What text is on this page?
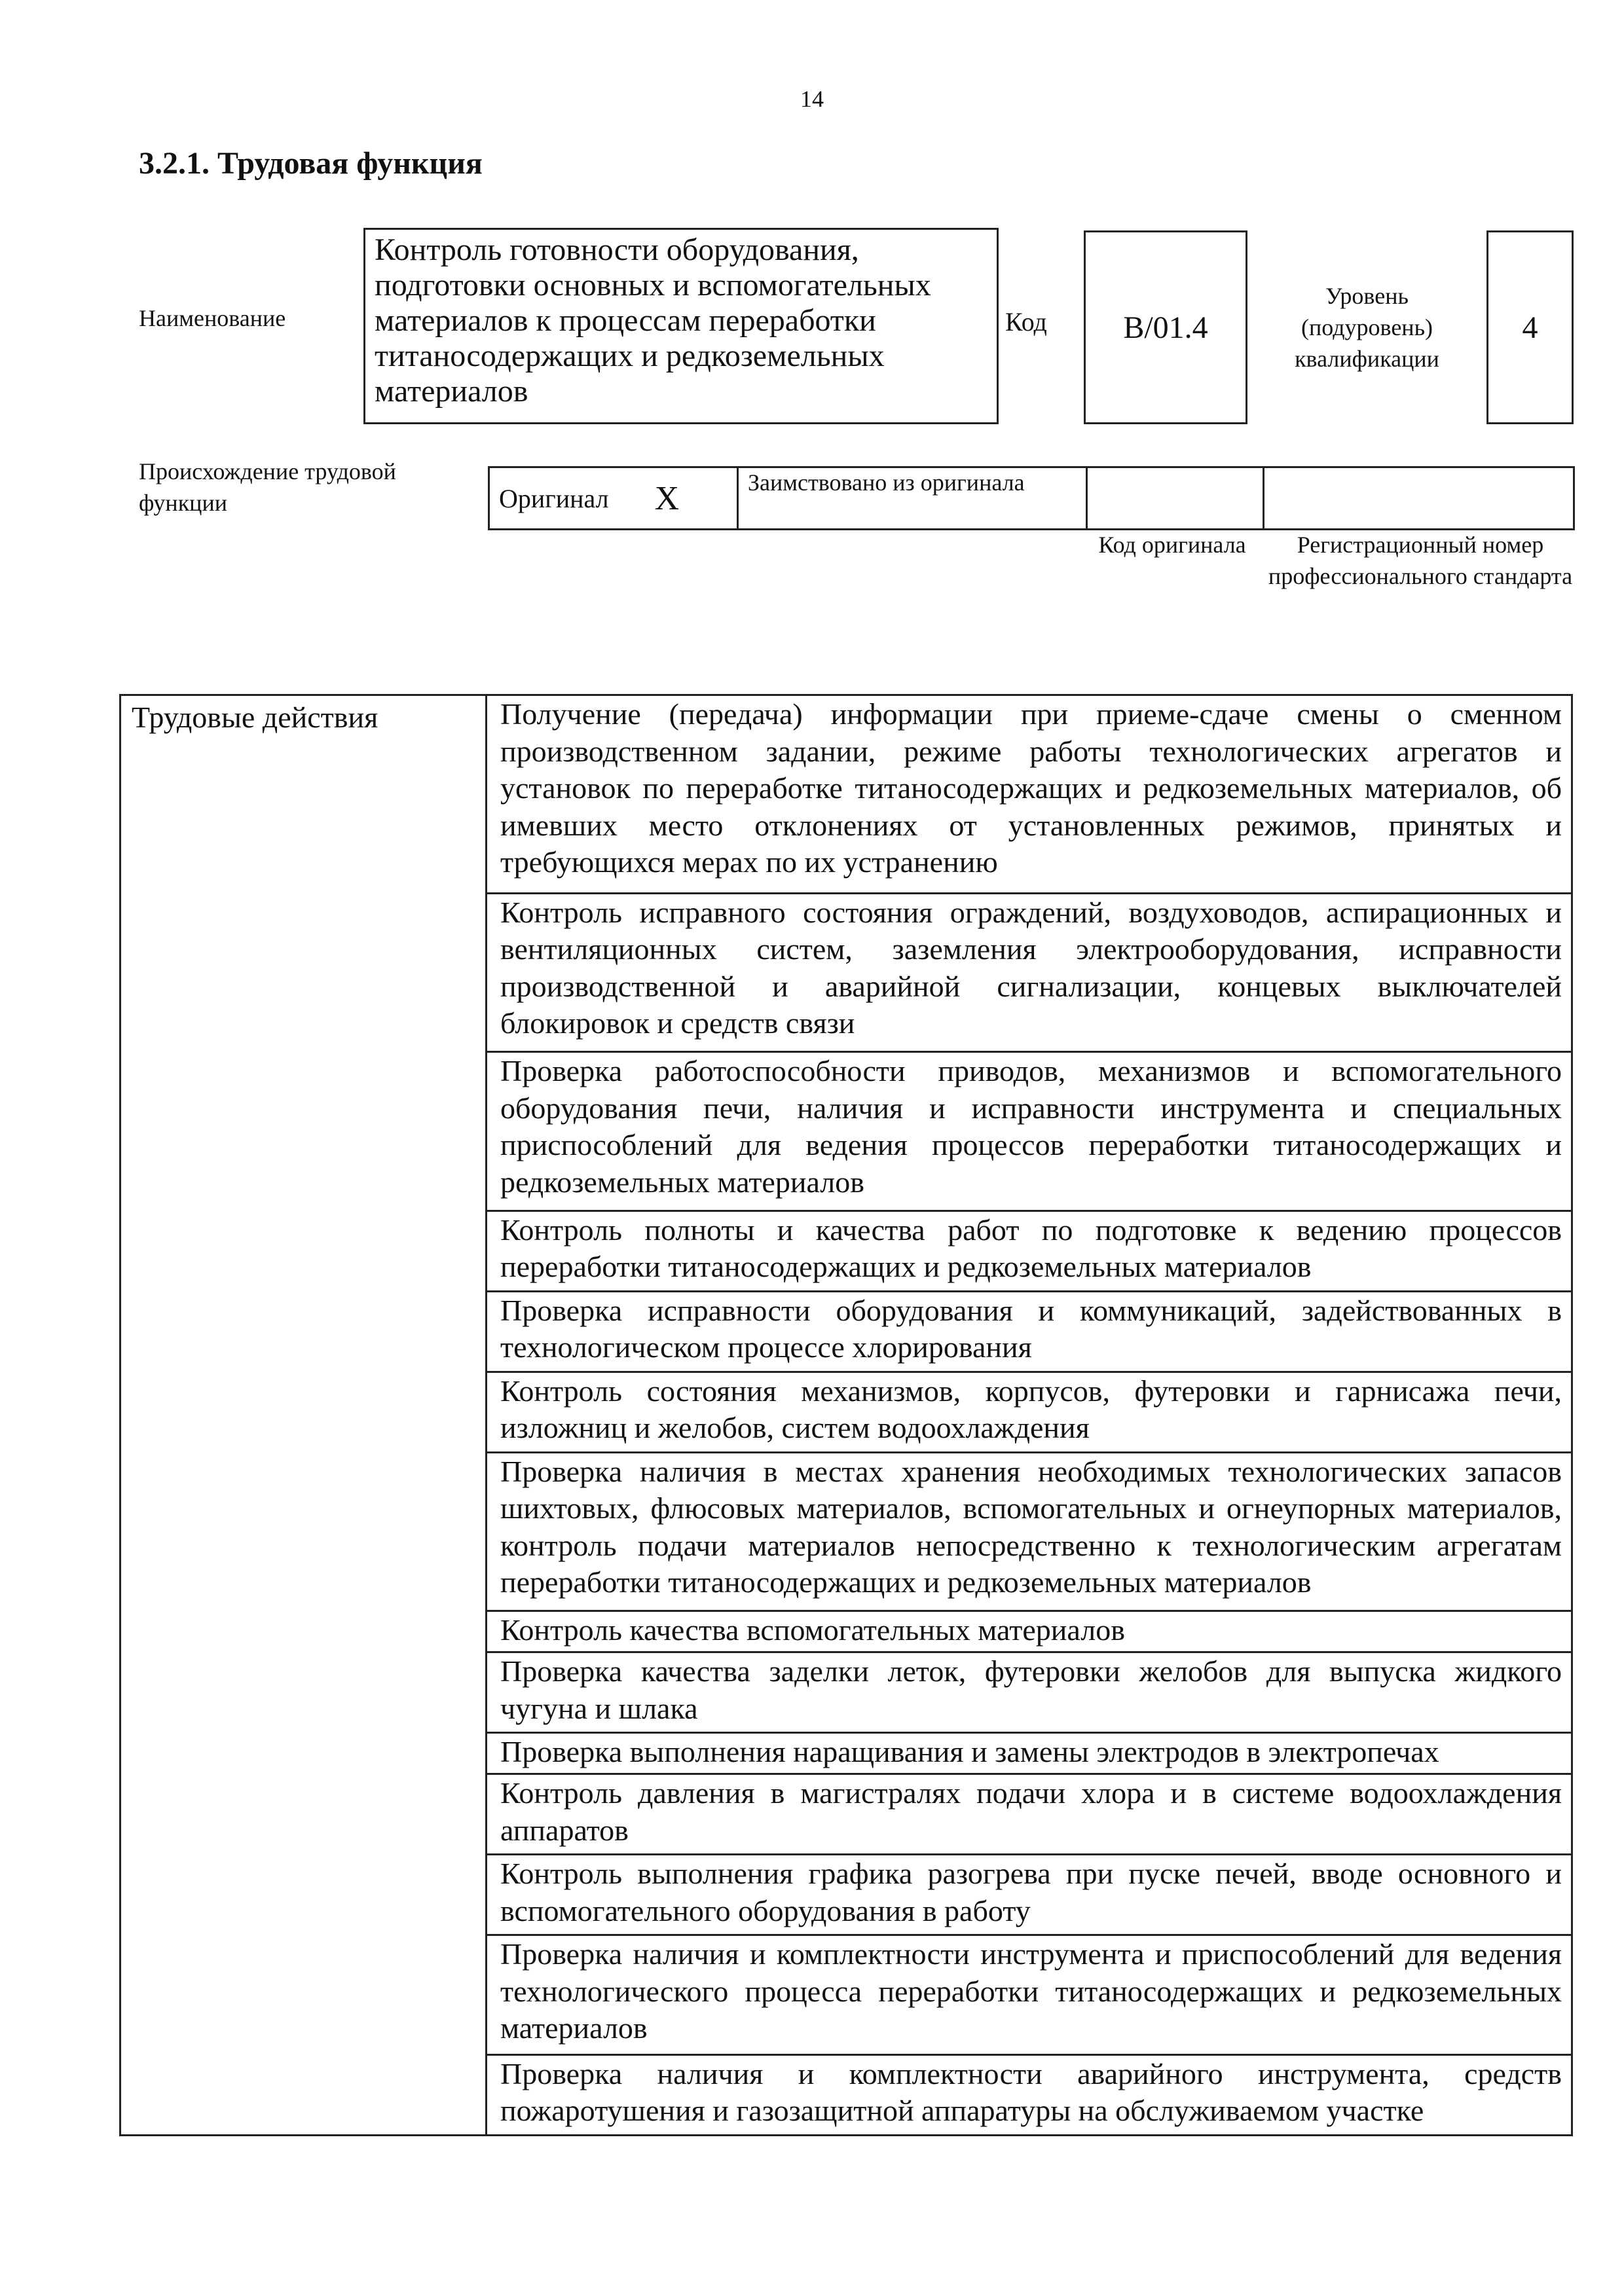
14
3.2.1. Трудовая функция
Наименование
Контроль готовности оборудования, подготовки основных и вспомогательных материалов к процессам переработки титаносодержащих и редкоземельных материалов
Код B/01.4
Уровень
(подуровень)
квалификации
4
Происхождение трудовой функции	Оригинал X	Заимствовано из оригинала
Код оригинала	Регистрационный номер профессионального стандарта
Трудовые действия	Получение (передача) информации при приеме-сдаче смены о сменном производственном задании, режиме работы технологических агрегатов и установок по переработке титаносодержащих и редкоземельных материалов, об имевших место отклонениях от установленных режимов, принятых и требующихся мерах по их устранению
Контроль исправного состояния ограждений, воздуховодов, аспирационных и вентиляционных систем, заземления электрооборудования, исправности производственной и аварийной сигнализации, концевых выключателей блокировок и средств связи
Проверка работоспособности приводов, механизмов и вспомогательного оборудования печи, наличия и исправности инструмента и специальных приспособлений для ведения процессов переработки титаносодержащих и редкоземельных материалов
Контроль полноты и качества работ по подготовке к ведению процессов переработки титаносодержащих и редкоземельных материалов
Проверка исправности оборудования и коммуникаций, задействованных в технологическом процессе хлорирования
Контроль состояния механизмов, корпусов, футеровки и гарнисажа печи, изложниц и желобов, систем водоохлаждения
Проверка наличия в местах хранения необходимых технологических запасов шихтовых, флюсовых материалов, вспомогательных и огнеупорных материалов, контроль подачи материалов непосредственно к технологическим агрегатам переработки титаносодержащих и редкоземельных материалов
Контроль качества вспомогательных материалов
Проверка качества заделки леток, футеровки желобов для выпуска жидкого чугуна и шлака
Проверка выполнения наращивания и замены электродов в электропечах
Контроль давления в магистралях подачи хлора и в системе водоохлаждения аппаратов
Контроль выполнения графика разогрева при пуске печей, вводе основного и вспомогательного оборудования в работу
Проверка наличия и комплектности инструмента и приспособлений для ведения технологического процесса переработки титаносодержащих и редкоземельных материалов
Проверка наличия и комплектности аварийного инструмента, средств пожаротушения и газозащитной аппаратуры на обслуживаемом участке
